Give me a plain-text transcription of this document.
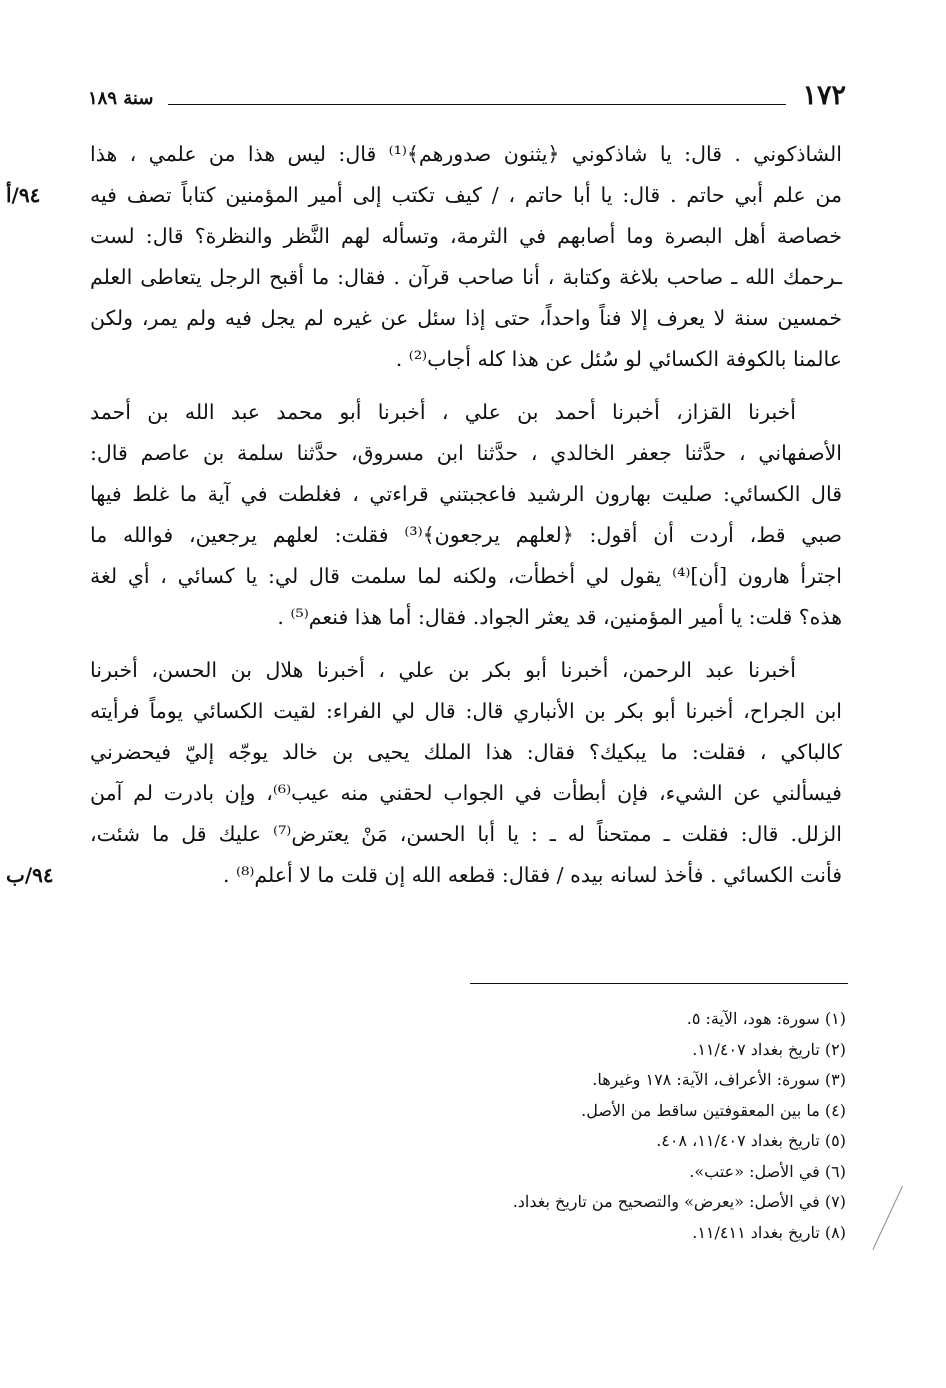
١٧٢
سنة ١٨٩

الشاذكوني . قال: يا شاذكوني ﴿يثنون صدورهم﴾⁽¹⁾ قال: ليس هذا من علمي ، هذا
من علم أبي حاتم . قال: يا أبا حاتم ، / كيف تكتب إلى أمير المؤمنين كتاباً تصف فيه
٩٤/أ
خصاصة أهل البصرة وما أصابهم في الثرمة، وتسأله لهم النَّظر والنظرة؟ قال: لست
ـرحمك الله ـ صاحب بلاغة وكتابة ، أنا صاحب قرآن . فقال: ما أقبح الرجل يتعاطى العلم
خمسين سنة لا يعرف إلا فناً واحداً، حتى إذا سئل عن غيره لم يجل فيه ولم يمر، ولكن
عالمنا بالكوفة الكسائي لو سُئل عن هذا كله أجاب⁽²⁾ .

أخبرنا القزاز، أخبرنا أحمد بن علي ، أخبرنا أبو محمد عبد الله بن أحمد
الأصفهاني ، حدَّثنا جعفر الخالدي ، حدَّثنا ابن مسروق، حدَّثنا سلمة بن عاصم قال:
قال الكسائي: صليت بهارون الرشيد فاعجبتني قراءتي ، فغلطت في آية ما غلط فيها
صبي قط، أردت أن أقول: ﴿لعلهم يرجعون﴾⁽³⁾ فقلت: لعلهم يرجعين، فوالله ما
اجترأ هارون [أن]⁽⁴⁾ يقول لي أخطأت، ولكنه لما سلمت قال لي: يا كسائي ، أي لغة
هذه؟ قلت: يا أمير المؤمنين، قد يعثر الجواد. فقال: أما هذا فنعم⁽⁵⁾ .

أخبرنا عبد الرحمن، أخبرنا أبو بكر بن علي ، أخبرنا هلال بن الحسن، أخبرنا
ابن الجراح، أخبرنا أبو بكر بن الأنباري قال: قال لي الفراء: لقيت الكسائي يوماً فرأيته
كالباكي ، فقلت: ما يبكيك؟ فقال: هذا الملك يحيى بن خالد يوجّه إليّ فيحضرني
فيسألني عن الشيء، فإن أبطأت في الجواب لحقني منه عيب⁽⁶⁾، وإن بادرت لم آمن
الزلل. قال: فقلت ـ ممتحناً له ـ : يا أبا الحسن، مَنْ يعترض⁽⁷⁾ عليك قل ما شئت،
فأنت الكسائي . فأخذ لسانه بيده / فقال: قطعه الله إن قلت ما لا أعلم⁽⁸⁾ .
٩٤/ب

(١) سورة: هود، الآية: ٥.
(٢) تاريخ بغداد ١١/٤٠٧.
(٣) سورة: الأعراف، الآية: ١٧٨ وغيرها.
(٤) ما بين المعقوفتين ساقط من الأصل.
(٥) تاريخ بغداد ١١/٤٠٧، ٤٠٨.
(٦) في الأصل: «عتب».
(٧) في الأصل: «يعرض» والتصحيح من تاريخ بغداد.
(٨) تاريخ بغداد ١١/٤١١.
